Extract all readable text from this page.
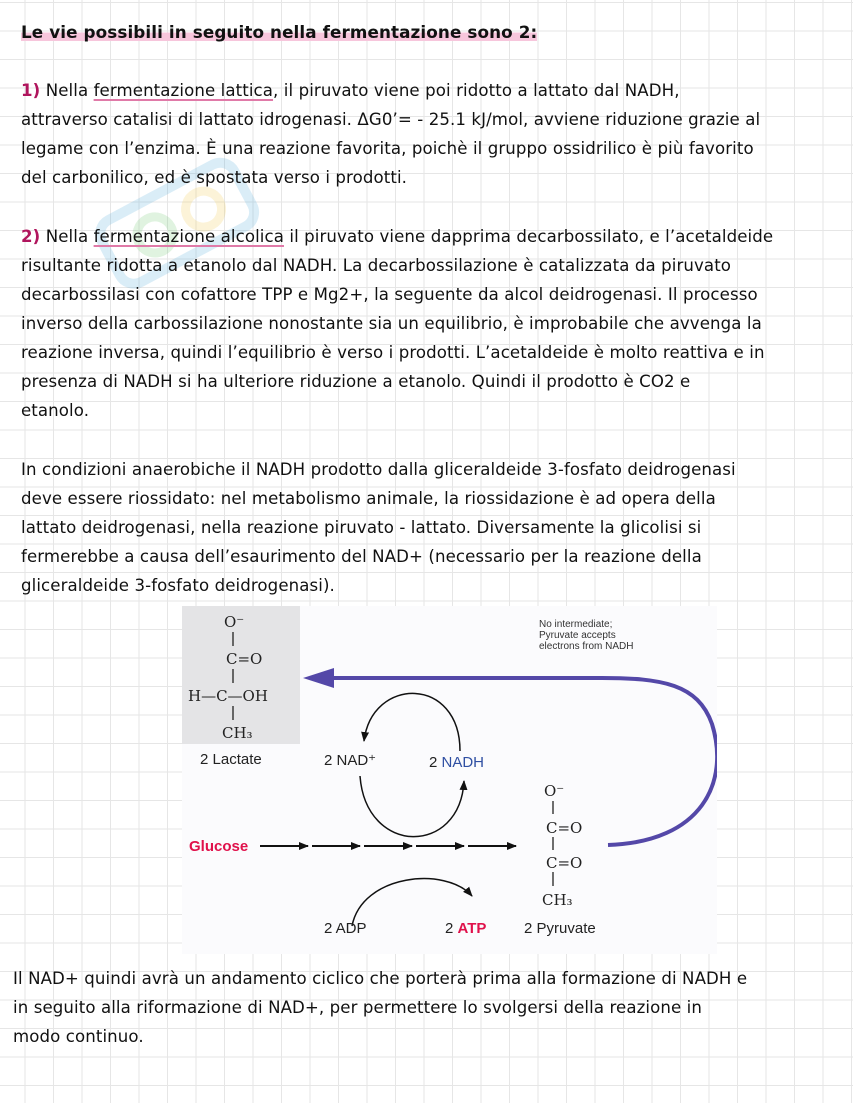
Le vie possibili in seguito nella fermentazione sono 2:
1) Nella fermentazione lattica, il piruvato viene poi ridotto a lattato dal NADH,
attraverso catalisi di lattato idrogenasi. ΔG0’= - 25.1 kJ/mol, avviene riduzione grazie al
legame con l’enzima. È una reazione favorita, poichè il gruppo ossidrilico è più favorito
del carbonilico, ed è spostata verso i prodotti.
2) Nella fermentazione alcolica il piruvato viene dapprima decarbossilato, e l’acetaldeide
risultante ridotta a etanolo dal NADH. La decarbossilazione è catalizzata da piruvato
decarbossilasi con cofattore TPP e Mg2+, la seguente da alcol deidrogenasi. Il processo
inverso della carbossilazione nonostante sia un equilibrio, è improbabile che avvenga la
reazione inversa, quindi l’equilibrio è verso i prodotti. L’acetaldeide è molto reattiva e in
presenza di NADH si ha ulteriore riduzione a etanolo. Quindi il prodotto è CO2 e
etanolo.
In condizioni anaerobiche il NADH prodotto dalla gliceraldeide 3-fosfato deidrogenasi
deve essere riossidato: nel metabolismo animale, la riossidazione è ad opera della
lattato deidrogenasi, nella reazione piruvato - lattato. Diversamente la glicolisi si
fermerebbe a causa dell’esaurimento del NAD+ (necessario per la reazione della
gliceraldeide 3-fosfato deidrogenasi).
O⁻
C=O
H—C—OH
CH₃
2 Lactate
No intermediate;
Pyruvate accepts
electrons from NADH
2 NAD⁺	2 NADH
Glucose
O⁻
C=O
C=O
CH₃
2 ADP	2 ATP	2 Pyruvate
Il NAD+ quindi avrà un andamento ciclico che porterà prima alla formazione di NADH e
in seguito alla riformazione di NAD+, per permettere lo svolgersi della reazione in
modo continuo.
